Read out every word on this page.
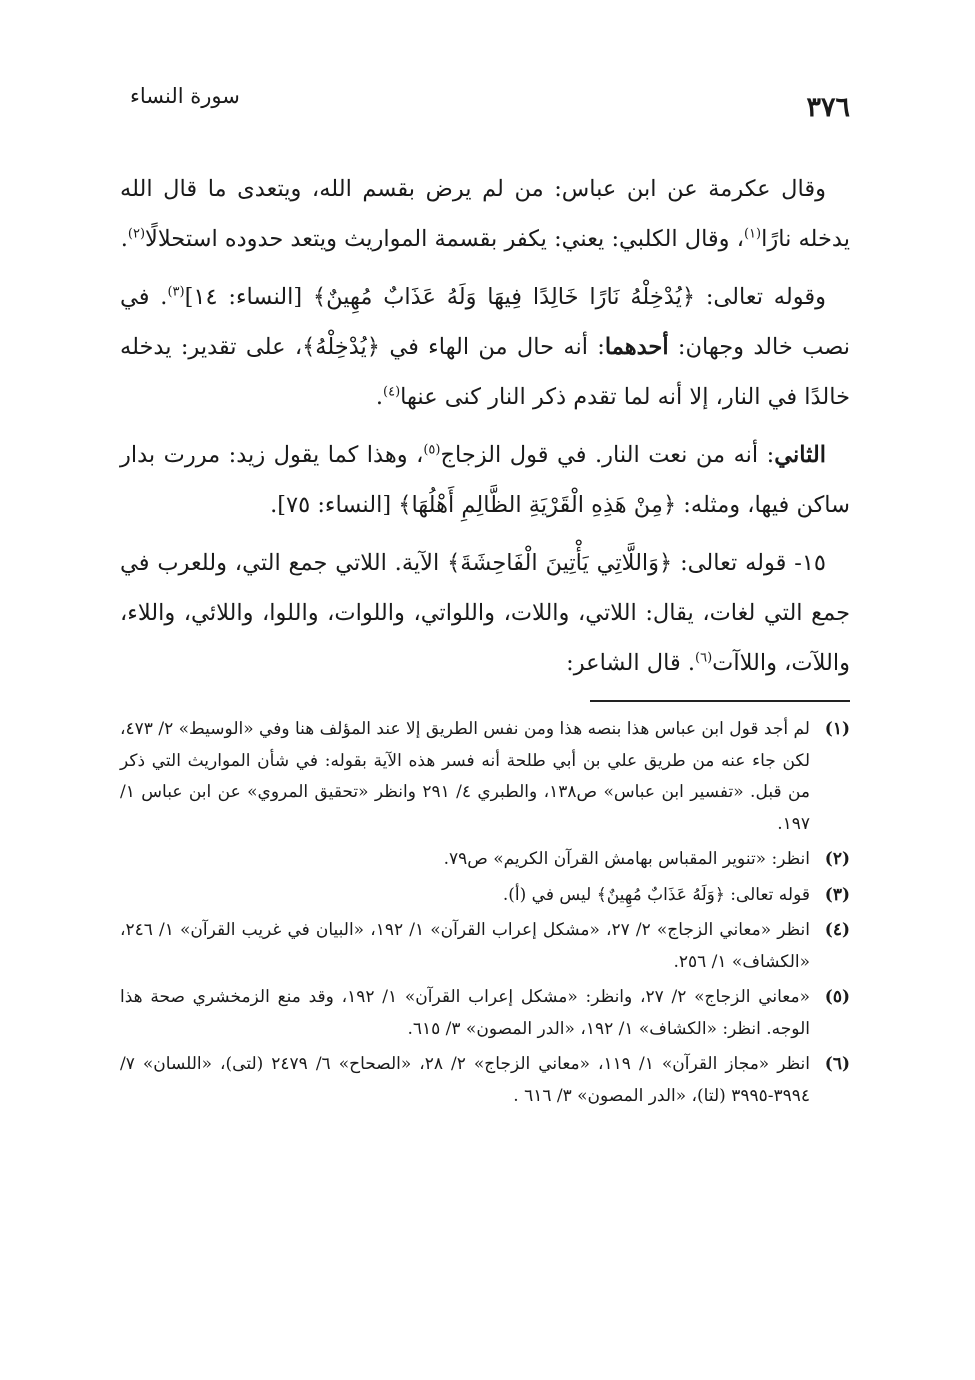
٣٧٦
سورة النساء

وقال عكرمة عن ابن عباس: من لم يرض بقسم الله، ويتعدى ما قال الله يدخله نارًا$^{(١)}$، وقال الكلبي: يعني: يكفر بقسمة المواريث ويتعد حدوده استحلالًا$^{(٢)}$.

وقوله تعالى: ﴿يُدْخِلْهُ نَارًا خَالِدًا فِيهَا وَلَهُ عَذَابٌ مُهِينٌ﴾ [النساء: ١٤]$^{(٣)}$. في نصب خالد وجهان: أحدهما: أنه حال من الهاء في ﴿يُدْخِلْهُ﴾، على تقدير: يدخله خالدًا في النار، إلا أنه لما تقدم ذكر النار كنى عنها$^{(٤)}$.

الثاني: أنه من نعت النار. في قول الزجاج$^{(٥)}$، وهذا كما يقول زيد: مررت بدار ساكن فيها، ومثله: ﴿مِنْ هَذِهِ الْقَرْيَةِ الظَّالِمِ أَهْلُهَا﴾ [النساء: ٧٥].

١٥- قوله تعالى: ﴿وَاللَّاتِي يَأْتِينَ الْفَاحِشَةَ﴾ الآية. اللاتي جمع التي، وللعرب في جمع التي لغات، يقال: اللاتي، واللات، واللواتي، واللوات، واللوا، واللائي، واللاء، واللآت، واللاآت$^{(٦)}$. قال الشاعر:

(١)
لم أجد قول ابن عباس هذا بنصه هذا ومن نفس الطريق إلا عند المؤلف هنا وفي «الوسيط» ٢/ ٤٧٣، لكن جاء عنه من طريق علي بن أبي طلحة أنه فسر هذه الآية بقوله: في شأن المواريث التي ذكر من قبل. «تفسير ابن عباس» ص١٣٨، والطبري ٤/ ٢٩١ وانظر «تحقيق المروي» عن ابن عباس ١/ ١٩٧.
(٢)
انظر: «تنوير المقباس بهامش القرآن الكريم» ص٧٩.
(٣)
قوله تعالى: ﴿وَلَهُ عَذَابٌ مُهِينٌ﴾ ليس في (أ).
(٤)
انظر «معاني الزجاج» ٢/ ٢٧، «مشكل إعراب القرآن» ١/ ١٩٢، «البيان في غريب القرآن» ١/ ٢٤٦، «الكشاف» ١/ ٢٥٦.
(٥)
«معاني الزجاج» ٢/ ٢٧، وانظر: «مشكل إعراب القرآن» ١/ ١٩٢، وقد منع الزمخشري صحة هذا الوجه. انظر: «الكشاف» ١/ ١٩٢، «الدر المصون» ٣/ ٦١٥.
(٦)
انظر «مجاز القرآن» ١/ ١١٩، «معاني الزجاج» ٢/ ٢٨، «الصحاح» ٦/ ٢٤٧٩ (لتى)، «اللسان» ٧/ ٣٩٩٤-٣٩٩٥ (لتا)، «الدر المصون» ٣/ ٦١٦ .
